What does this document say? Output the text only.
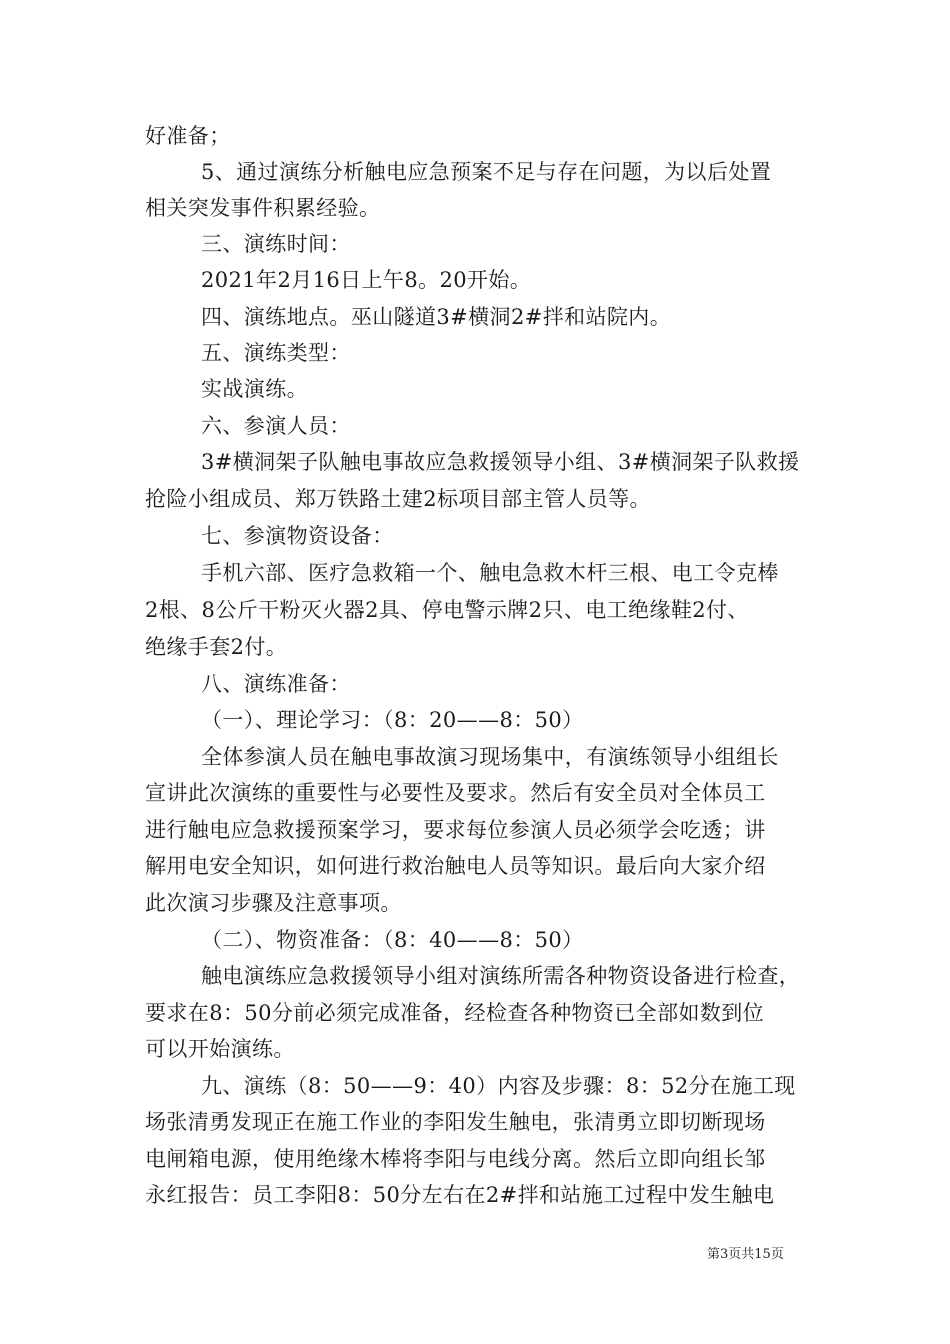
好准备；
5、通过演练分析触电应急预案不足与存在问题，为以后处置
相关突发事件积累经验。
三、演练时间：
2021年2月16日上午8。20开始。
四、演练地点。巫山隧道3#横洞2#拌和站院内。
五、演练类型：
实战演练。
六、参演人员：
3#横洞架子队触电事故应急救援领导小组、3#横洞架子队救援
抢险小组成员、郑万铁路土建2标项目部主管人员等。
七、参演物资设备：
手机六部、医疗急救箱一个、触电急救木杆三根、电工令克棒
2根、8公斤干粉灭火器2具、停电警示牌2只、电工绝缘鞋2付、
绝缘手套2付。
八、演练准备：
（一）、理论学习：（8：20——8：50）
全体参演人员在触电事故演习现场集中，有演练领导小组组长
宣讲此次演练的重要性与必要性及要求。然后有安全员对全体员工
进行触电应急救援预案学习，要求每位参演人员必须学会吃透；讲
解用电安全知识，如何进行救治触电人员等知识。最后向大家介绍
此次演习步骤及注意事项。
（二）、物资准备：（8：40——8：50）
触电演练应急救援领导小组对演练所需各种物资设备进行检查，
要求在8：50分前必须完成准备，经检查各种物资已全部如数到位
可以开始演练。
九、演练（8：50——9：40）内容及步骤：8：52分在施工现
场张清勇发现正在施工作业的李阳发生触电，张清勇立即切断现场
电闸箱电源，使用绝缘木棒将李阳与电线分离。然后立即向组长邹
永红报告：员工李阳8：50分左右在2#拌和站施工过程中发生触电
第3页共15页
